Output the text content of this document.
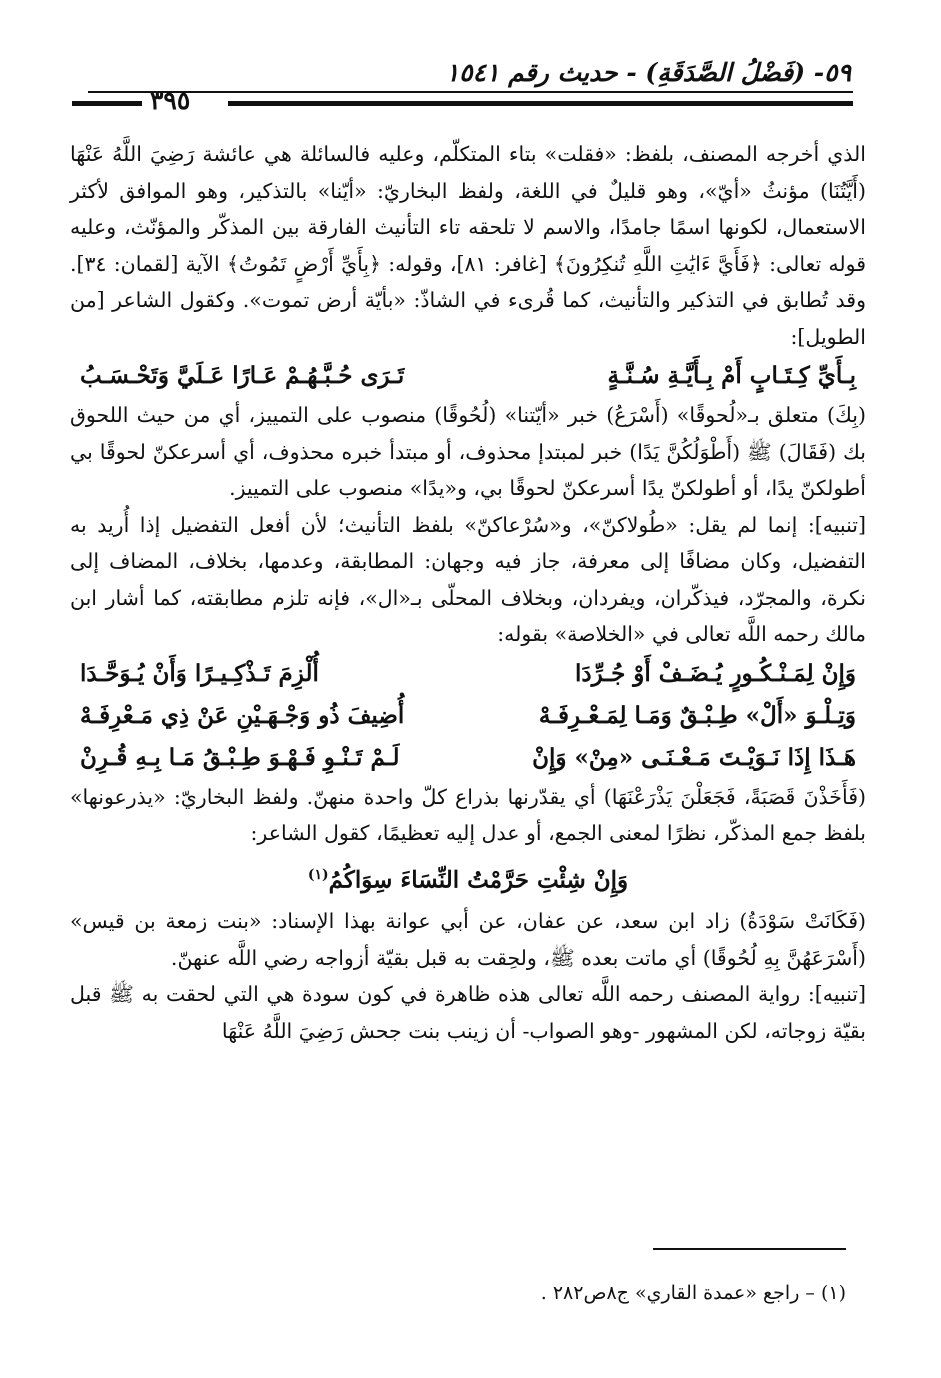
٥٩- (فَضْلُ الصَّدَقَةِ) - حديث رقم ١٥٤١
٣٩٥

الذي أخرجه المصنف، بلفظ: «فقلت» بتاء المتكلّم، وعليه فالسائلة هي عائشة رَضِيَ اللَّهُ عَنْهَا (أَيَّتُنَا) مؤنثُ «أيّ»، وهو قليلٌ في اللغة، ولفظ البخاريّ: «أيّنا» بالتذكير، وهو الموافق لأكثر الاستعمال، لكونها اسمًا جامدًا، والاسم لا تلحقه تاء التأنيث الفارقة بين المذكّر والمؤنّث، وعليه قوله تعالى: ﴿فَأَيَّ ءَايَٰتِ اللَّهِ تُنكِرُونَ﴾ [غافر: ٨١]، وقوله: ﴿بِأَيِّ أَرْضٍ تَمُوتُ﴾ الآية [لقمان: ٣٤]. وقد تُطابق في التذكير والتأنيث، كما قُرىء في الشاذّ: «بأيّة أرض تموت». وكقول الشاعر [من الطويل]:

بِـأَيِّ كِـتَـابٍ أَمْ بِـأَيَّـةِ سُـنَّـةٍ
تَـرَى حُـبَّـهُـمْ عَـارًا عَـلَيَّ وَتَحْـسَـبُ

(بِكَ) متعلق بـ«لُحوقًا» (أَسْرَعُ) خبر «أيّتنا» (لُحُوقًا) منصوب على التمييز، أي من حيث اللحوق بك (فَقَالَ) ﷺ (أَطْوَلُكُنَّ يَدًا) خبر لمبتدإ محذوف، أو مبتدأ خبره محذوف، أي أسرعكنّ لحوقًا بي أطولكنّ يدًا، أو أطولكنّ يدًا أسرعكنّ لحوقًا بي، و«يدًا» منصوب على التمييز.

[تنبيه]: إنما لم يقل: «طُولاكنّ»، و«سُرْعاكنّ» بلفظ التأنيث؛ لأن أفعل التفضيل إذا أُريد به التفضيل، وكان مضافًا إلى معرفة، جاز فيه وجهان: المطابقة، وعدمها، بخلاف، المضاف إلى نكرة، والمجرّد، فيذكّران، ويفردان، وبخلاف المحلّى بـ«ال»، فإنه تلزم مطابقته، كما أشار ابن مالك رحمه اللَّه تعالى في «الخلاصة» بقوله:

وَإِنْ لِمَـنْـكُـورٍ يُـضَـفْ أَوْ جُـرِّدَا
أُلْزِمَ تَـذْكِـيـرًا وَأَنْ يُـوَحَّـدَا
وَتِـلْـوَ «أَلْ» طِـبْـقٌ وَمَـا لِمَـعْـرِفَـهْ
أُضِيفَ ذُو وَجْـهَـيْنِ عَنْ ذِي مَـعْرِفَـهْ
هَـذَا إِذَا نَـوَيْـتَ مَـعْـنَـى «مِنْ» وَإِنْ
لَـمْ تَـنْـوِ فَـهْـوَ طِـبْـقُ مَـا بِـهِ قُـرِنْ

(فَأَخَذْنَ قَصَبَةً، فَجَعَلْنَ يَذْرَعْنَهَا) أي يقدّرنها بذراع كلّ واحدة منهنّ. ولفظ البخاريّ: «يذرعونها» بلفظ جمع المذكّر، نظرًا لمعنى الجمع، أو عدل إليه تعظيمًا، كقول الشاعر:

وَإِنْ شِئْتِ حَرَّمْتُ النِّسَاءَ سِوَاكُمُ$^{(١)}$

(فَكَانَتْ سَوْدَةُ) زاد ابن سعد، عن عفان، عن أبي عوانة بهذا الإسناد: «بنت زمعة بن قيس» (أَسْرَعَهُنَّ بِهِ لُحُوقًا) أي ماتت بعده ﷺ، ولحِقت به قبل بقيّة أزواجه رضي اللَّه عنهنّ.

[تنبيه]: رواية المصنف رحمه اللَّه تعالى هذه ظاهرة في كون سودة هي التي لحقت به ﷺ قبل بقيّة زوجاته، لكن المشهور -وهو الصواب- أن زينب بنت جحش رَضِيَ اللَّهُ عَنْهَا

(١) – راجع «عمدة القاري» ج٨ص٢٨٢ .
